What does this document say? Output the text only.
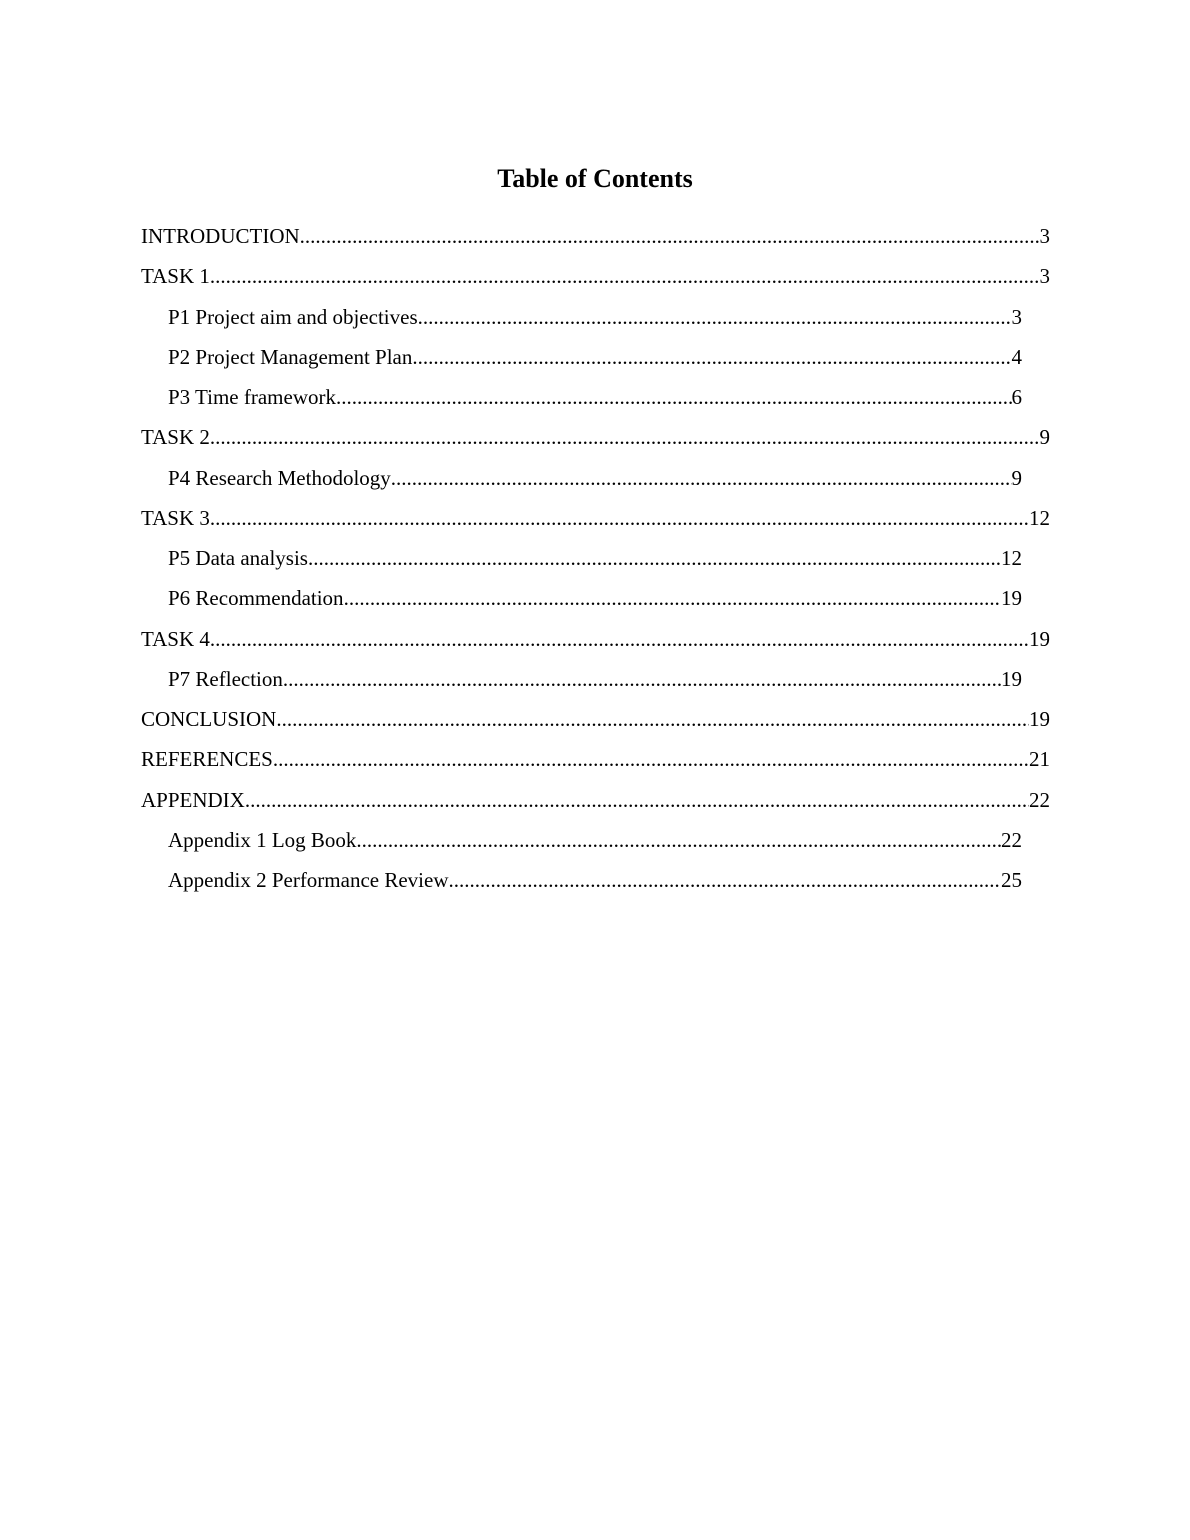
Table of Contents
INTRODUCTION .....	3
TASK 1 .....	3
P1 Project aim and objectives .....	3
P2 Project Management Plan .....	4
P3 Time framework .....	6
TASK 2 .....	9
P4 Research Methodology .....	9
TASK 3 .....	12
P5 Data analysis .....	12
P6 Recommendation .....	19
TASK 4 .....	19
P7 Reflection .....	19
CONCLUSION .....	19
REFERENCES .....	21
APPENDIX .....	22
Appendix 1 Log Book .....	22
Appendix 2 Performance Review .....	25
